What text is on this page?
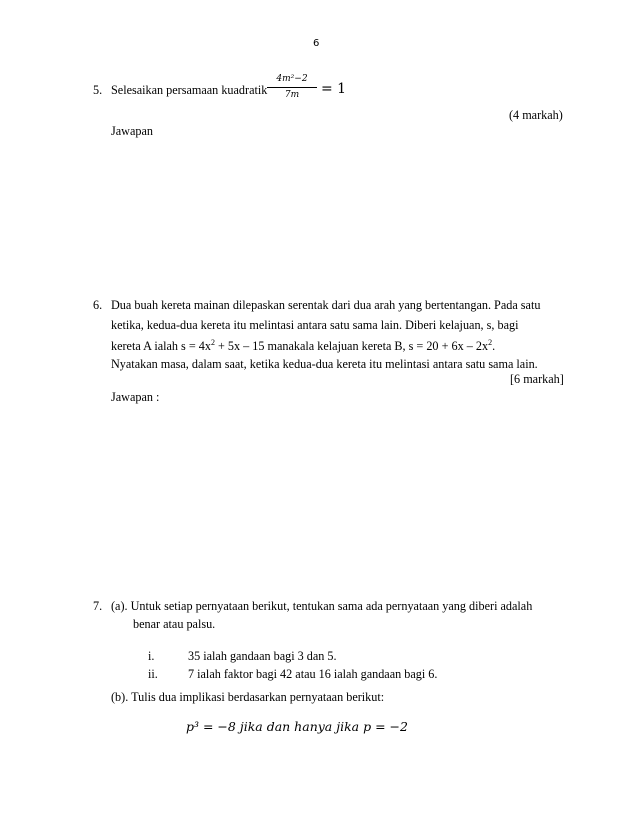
6
5. Selesaikan persamaan kuadratik
4𝑚²−2
7𝑚	= 1
(4 markah)
Jawapan
6. Dua buah kereta mainan dilepaskan serentak dari dua arah yang bertentangan. Pada satu
ketika, kedua-dua kereta itu melintasi antara satu sama lain. Diberi kelajuan, s, bagi
kereta A ialah $s = 4x^2 + 5x - 15$ manakala kelajuan kereta B, $s = 20 + 6x - 2x^2$.
Nyatakan masa, dalam saat, ketika kedua-dua kereta itu melintasi antara satu sama lain.
[6 markah]
Jawapan :
7. (a). Untuk setiap pernyataan berikut, tentukan sama ada pernyataan yang diberi adalah
benar atau palsu.
i.	35 ialah gandaan bagi 3 dan 5.
ii. 7 ialah faktor bagi 42 atau 16 ialah gandaan bagi 6.
(b). Tulis dua implikasi berdasarkan pernyataan berikut:
𝑝³ = −8 𝑗𝑖𝑘𝑎 𝑑𝑎𝑛 ℎ𝑎𝑛𝑦𝑎 𝑗𝑖𝑘𝑎 𝑝 = −2
